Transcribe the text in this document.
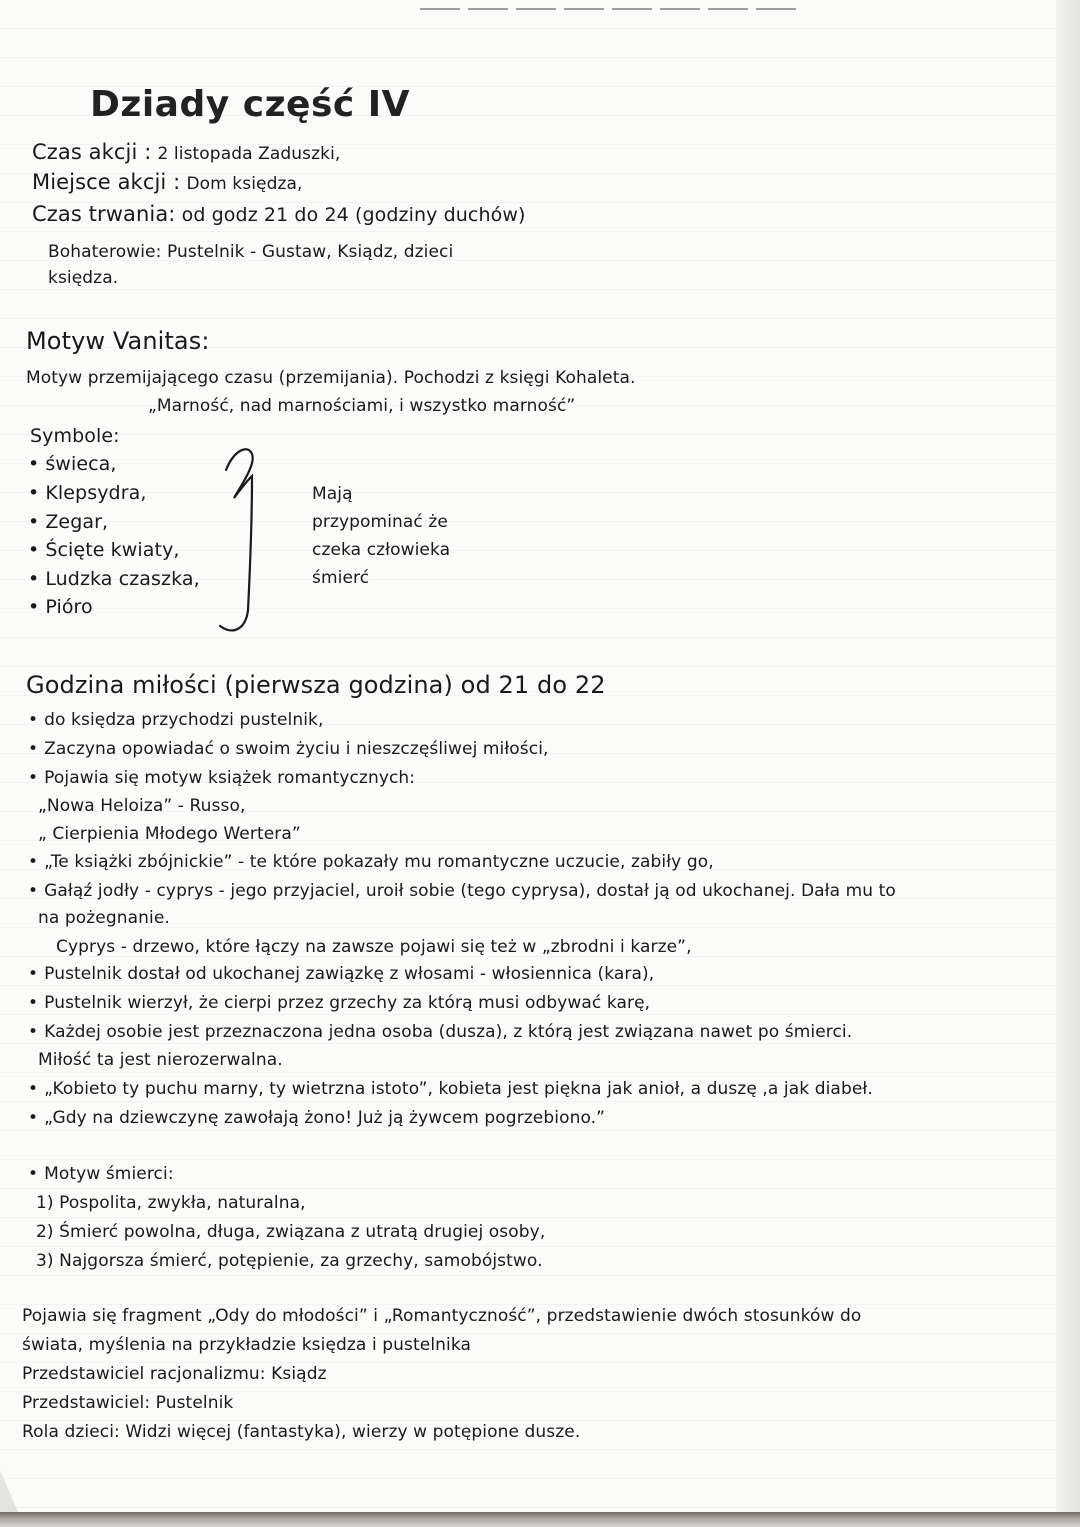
Dziady część IV
Czas akcji : 2 listopada Zaduszki,
Miejsce akcji : Dom księdza,
Czas trwania: od godz 21 do 24 (godziny duchów)
Bohaterowie: Pustelnik - Gustaw, Ksiądz, dzieci
księdza.
Motyw Vanitas:
Motyw przemijającego czasu (przemijania). Pochodzi z księgi Kohaleta.
„Marność, nad marnościami, i wszystko marność”
Symbole:
• świeca,
• Klepsydra,
• Zegar,
• Ścięte kwiaty,
• Ludzka czaszka,
• Pióro
Mają
przypominać że
czeka człowieka
śmierć
Godzina miłości (pierwsza godzina) od 21 do 22
• do księdza przychodzi pustelnik,
• Zaczyna opowiadać o swoim życiu i nieszczęśliwej miłości,
• Pojawia się motyw książek romantycznych:
„Nowa Heloiza” - Russo,
„ Cierpienia Młodego Wertera”
• „Te książki zbójnickie” - te które pokazały mu romantyczne uczucie, zabiły go,
• Gałąź jodły - cyprys - jego przyjaciel, uroił sobie (tego cyprysa), dostał ją od ukochanej. Dała mu to
na pożegnanie.
Cyprys - drzewo, które łączy na zawsze pojawi się też w „zbrodni i karze”,
• Pustelnik dostał od ukochanej zawiązkę z włosami - włosiennica (kara),
• Pustelnik wierzył, że cierpi przez grzechy za którą musi odbywać karę,
• Każdej osobie jest przeznaczona jedna osoba (dusza), z którą jest związana nawet po śmierci.
Miłość ta jest nierozerwalna.
• „Kobieto ty puchu marny, ty wietrzna istoto”, kobieta jest piękna jak anioł, a duszę ,a jak diabeł.
• „Gdy na dziewczynę zawołają żono! Już ją żywcem pogrzebiono.”
• Motyw śmierci:
1) Pospolita, zwykła, naturalna,
2) Śmierć powolna, długa, związana z utratą drugiej osoby,
3) Najgorsza śmierć, potępienie, za grzechy, samobójstwo.
Pojawia się fragment „Ody do młodości” i „Romantyczność”, przedstawienie dwóch stosunków do
świata, myślenia na przykładzie księdza i pustelnika
Przedstawiciel racjonalizmu: Ksiądz
Przedstawiciel: Pustelnik
Rola dzieci: Widzi więcej (fantastyka), wierzy w potępione dusze.
